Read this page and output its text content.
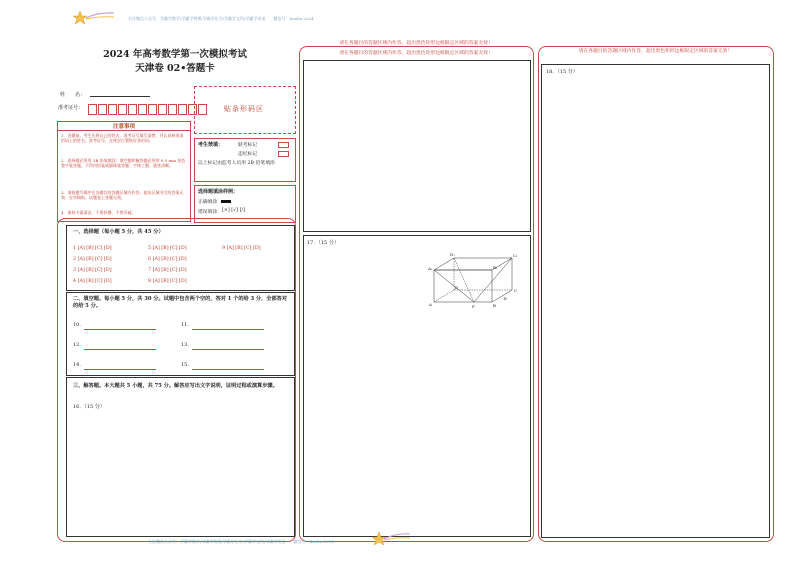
关注微信公众号：学霸学数学/学霸学物理/学霸学化学/学霸学文科/学霸学英语　　微信号：Xueba-2024
2024 年高考数学第一次模拟考试
天津卷 02•答题卡
姓　　名：
准考证号：	贴条形码区
注意事项
1．答题前，考生先将自己的姓名，准考证号填写清楚，并认真核准条形码上的姓名、准考证号，在规定位置贴好条形码。
2．选择题必须用 2B 铅笔填涂；填空题和解答题必须用 0.5 mm 黑色签字笔答题，不得用铅笔或圆珠笔答题；字体工整、笔迹清晰。
3．请按题号顺序在各题目的答题区域内作答，超出区域书写的答案无效；在草稿纸、试题卷上答题无效。
4．保持卡面清洁，不要折叠、不要弄破。
考生禁填：	缺考标记
违纪标记
以上标记由监考人员用 2B 铅笔填涂
选择题填涂样例：
正确填涂
错误填涂 [×] [√] [/]
一、选择题（每小题 5 分，共 45 分）
1 [A] [B] [C] [D]
2 [A] [B] [C] [D]
3 [A] [B] [C] [D]
4 [A] [B] [C] [D]
5 [A] [B] [C] [D]
6 [A] [B] [C] [D]
7 [A] [B] [C] [D]
8 [A] [B] [C] [D]
9 [A] [B] [C] [D]
二、填空题。每小题 5 分，共 30 分。试题中包含两个空的，答对 1 个的给 3 分，全部答对的给 5 分。
10．	11．
12．	13．
14．	15．
三、解答题。本大题共 5 小题，共 75 分。解答应写出文字说明，证明过程或演算步骤。
16．（15 分）
请在各题目的答题区域内作答，超出黑色矩形边框限定区域的答案无效！
请在各题目的答题区域内作答，超出黑色矩形边框限定区域的答案无效！
17．（15 分）
D₁	C₁
A₁	B₁
D
C
A	B
F
E
请在各题目的答题区域内作答，超出黑色矩形边框限定区域的答案无效！
18．（15 分）
关注微信公众号：学霸学数学/学霸学物理/学霸学化学/学霸学文科/学霸学英语　　微信号：Xueba-2024
